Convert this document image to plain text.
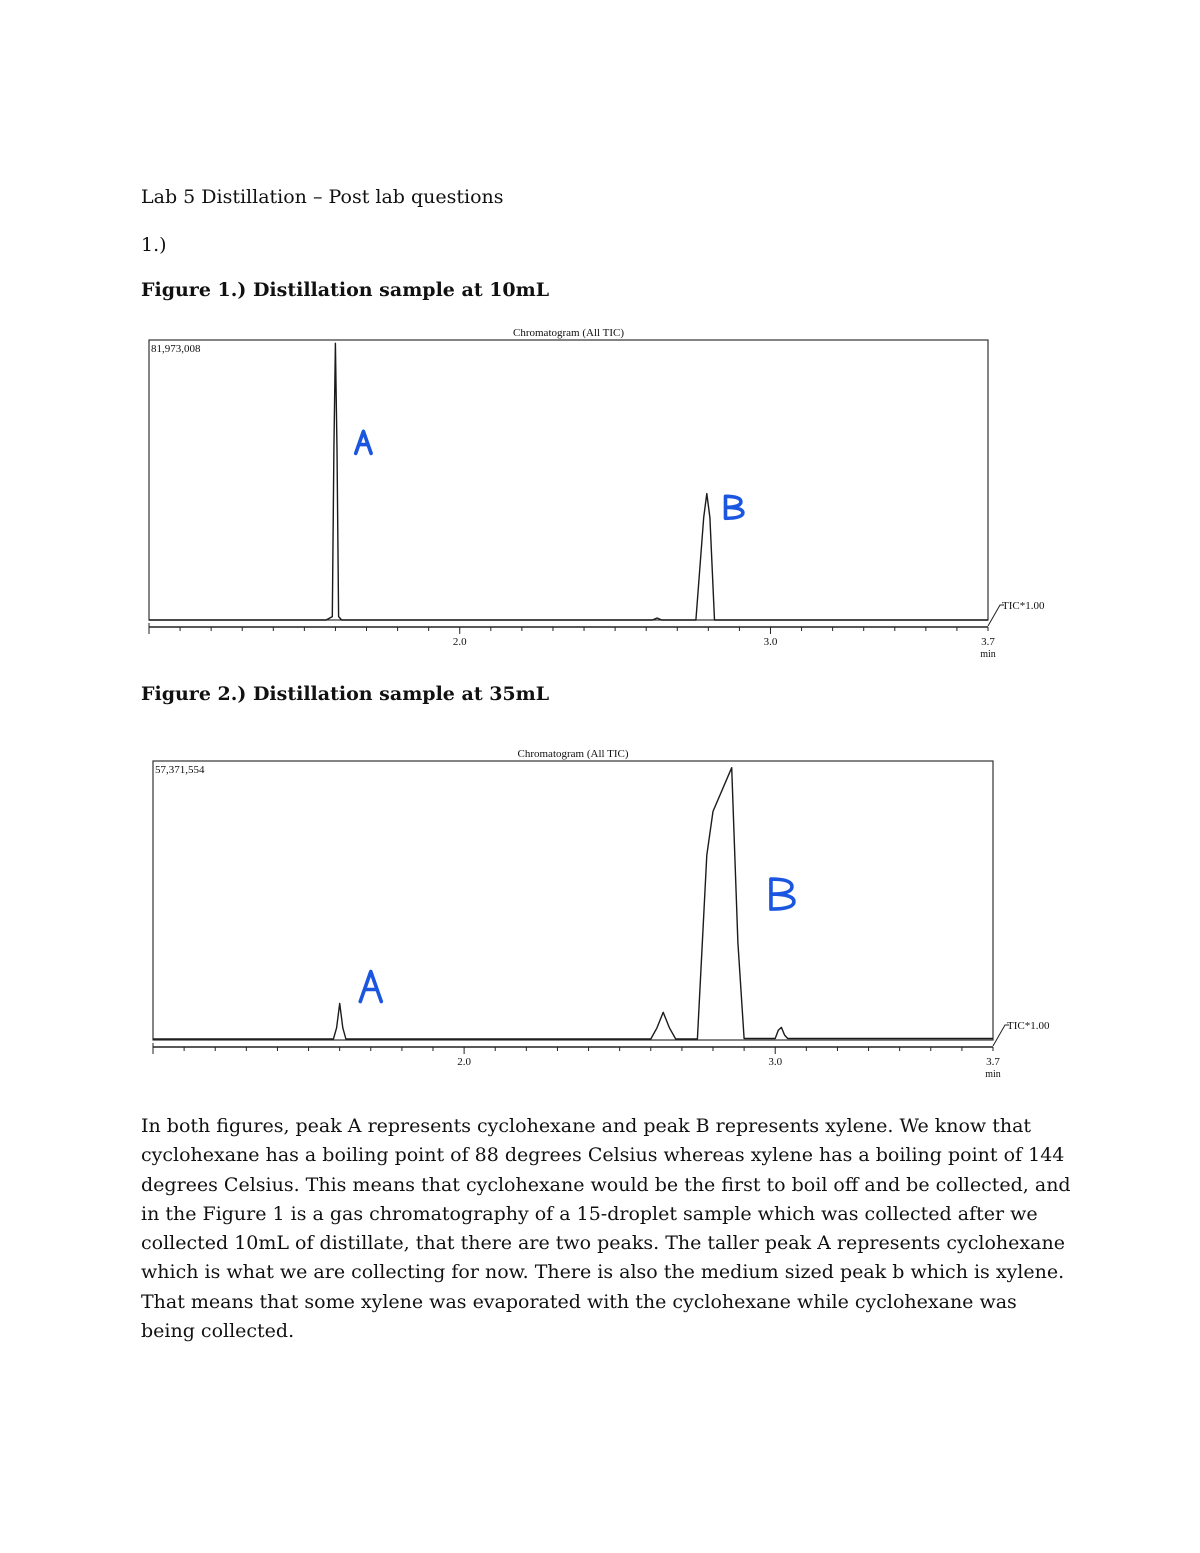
Lab 5 Distillation – Post lab questions
1.)
Figure 1.) Distillation sample at 10mL
Chromatogram (All TIC)
81,973,008
2.0	3.0	3.7
min
TIC*1.00
Figure 2.) Distillation sample at 35mL
Chromatogram (All TIC)
57,371,554
2.0	3.0	3.7
min
TIC*1.00
In both figures, peak A represents cyclohexane and peak B represents xylene. We know that cyclohexane has a boiling point of 88 degrees Celsius whereas xylene has a boiling point of 144 degrees Celsius. This means that cyclohexane would be the first to boil off and be collected, and in the Figure 1 is a gas chromatography of a 15-droplet sample which was collected after we collected 10mL of distillate, that there are two peaks. The taller peak A represents cyclohexane which is what we are collecting for now. There is also the medium sized peak b which is xylene. That means that some xylene was evaporated with the cyclohexane while cyclohexane was being collected.
